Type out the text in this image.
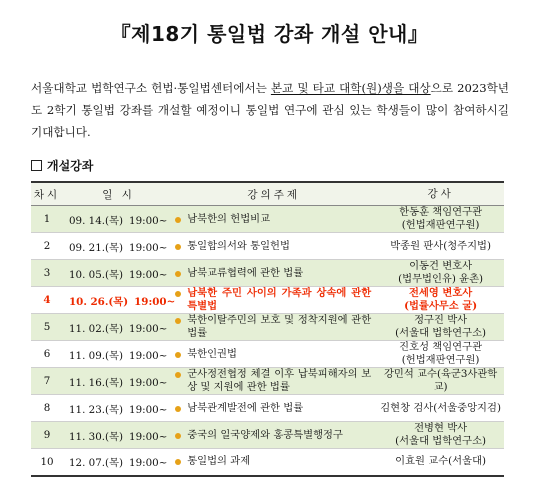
『제18기 통일법 강좌 개설 안내』
서울대학교 법학연구소 헌법·통일법센터에서는 본교 및 타교 대학(원)생을 대상으로 2023학년도 2학기 통일법 강좌를 개설할 예정이니 통일법 연구에 관심 있는 학생들이 많이 참여하시길 기대합니다.
개설강좌
차시	일 시	강의주제	강사
1	09. 14.(목) 19:00~	남북한의 헌법비교	한동훈 책임연구관
(헌법재판연구원)

2	09. 21.(목) 19:00~	통일합의서와 통일헌법	박종원 판사(청주지법)

3	10. 05.(목) 19:00~	남북교류협력에 관한 법률	이동건 변호사
(법무법인유) 윤촌)

4	10. 26.(목) 19:00~	남북한 주민 사이의 가족과 상속에 관한 특별법	전세영 변호사
(법률사무소 굴)

5	11. 02.(목) 19:00~	북한이탈주민의 보호 및 정착지원에 관한 법률	정구진 박사
(서울대 법학연구소)

6	11. 09.(목) 19:00~	북한인권법	진호성 책임연구관
(헌법재판연구원)

7	11. 16.(목) 19:00~	군사정전협정 체결 이후 납북피해자의 보상 및 지원에 관한 법률	강민석 교수(육군3사관학교)

8	11. 23.(목) 19:00~	남북관계발전에 관한 법률	김현창 검사(서울중앙지검)

9	11. 30.(목) 19:00~	중국의 일국양제와 홍콩특별행정구	전병현 박사
(서울대 법학연구소)

10	12. 07.(목) 19:00~	통일법의 과제	이효원 교수(서울대)
